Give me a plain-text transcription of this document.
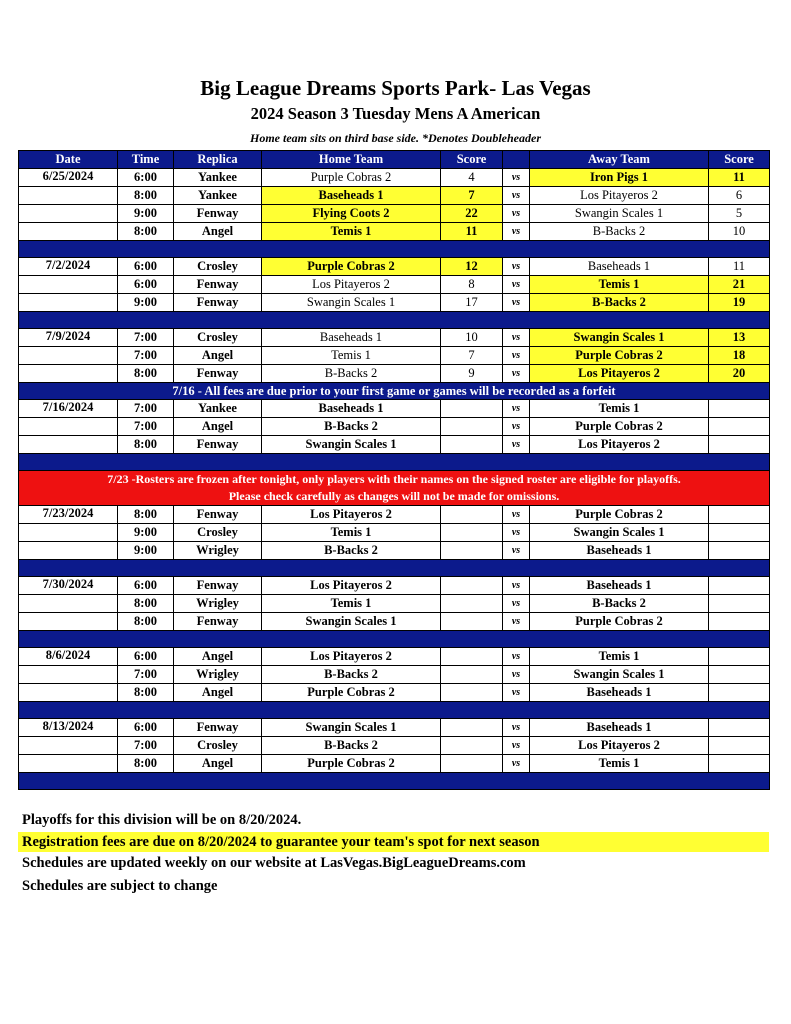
Big League Dreams Sports Park- Las Vegas
2024 Season 3 Tuesday Mens A American
Home team sits on third base side. *Denotes Doubleheader
Date	Time	Replica	Home Team	Score		Away Team	Score
6/25/2024	6:00	Yankee	Purple Cobras 2	4	vs	Iron Pigs 1	11
	8:00	Yankee	Baseheads 1	7	vs	Los Pitayeros 2	6
	9:00	Fenway	Flying Coots 2	22	vs	Swangin Scales 1	5
	8:00	Angel	Temis 1	11	vs	B-Backs 2	10

7/2/2024	6:00	Crosley	Purple Cobras 2	12	vs	Baseheads 1	11
	6:00	Fenway	Los Pitayeros 2	8	vs	Temis 1	21
	9:00	Fenway	Swangin Scales 1	17	vs	B-Backs 2	19

7/9/2024	7:00	Crosley	Baseheads 1	10	vs	Swangin Scales 1	13
	7:00	Angel	Temis 1	7	vs	Purple Cobras 2	18
	8:00	Fenway	B-Backs 2	9	vs	Los Pitayeros 2	20
7/16 - All fees are due prior to your first game or games will be recorded as a forfeit							
7/16/2024	7:00	Yankee	Baseheads 1		vs	Temis 1	
	7:00	Angel	B-Backs 2		vs	Purple Cobras 2	
	8:00	Fenway	Swangin Scales 1		vs	Los Pitayeros 2	

7/23 -Rosters are frozen after tonight, only players with their names on the signed roster are eligible for playoffs.
Please check carefully as changes will not be made for omissions.							

7/23/2024	8:00	Fenway	Los Pitayeros 2		vs	Purple Cobras 2	
	9:00	Crosley	Temis 1		vs	Swangin Scales 1	
	9:00	Wrigley	B-Backs 2		vs	Baseheads 1	

7/30/2024	6:00	Fenway	Los Pitayeros 2		vs	Baseheads 1	
	8:00	Wrigley	Temis 1		vs	B-Backs 2	
	8:00	Fenway	Swangin Scales 1		vs	Purple Cobras 2	

8/6/2024	6:00	Angel	Los Pitayeros 2		vs	Temis 1	
	7:00	Wrigley	B-Backs 2		vs	Swangin Scales 1	
	8:00	Angel	Purple Cobras 2		vs	Baseheads 1	

8/13/2024	6:00	Fenway	Swangin Scales 1		vs	Baseheads 1	
	7:00	Crosley	B-Backs 2		vs	Los Pitayeros 2	
	8:00	Angel	Purple Cobras 2		vs	Temis 1	

Playoffs for this division will be on 8/20/2024.
Registration fees are due on 8/20/2024 to guarantee your team's spot for next season
Schedules are updated weekly on our website at LasVegas.BigLeagueDreams.com
Schedules are subject to change
